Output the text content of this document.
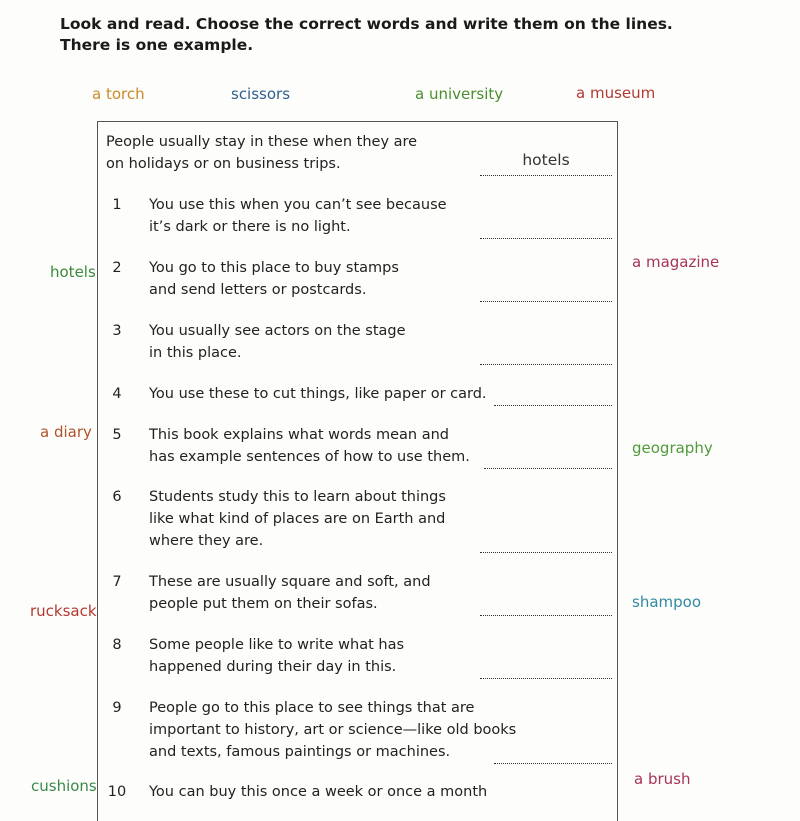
Look and read. Choose the correct words and write them on the lines. There is one example.
a torch	scissors	a university	a museum
hotels
a magazine
a diary
geography
rucksack	shampoo
cushions	a brush
People usually stay in these when they are
on holidays or on business trips.	hotels
1	You use this when you can’t see because
it’s dark or there is no light.
2	You go to this place to buy stamps
and send letters or postcards.
3	You usually see actors on the stage
in this place.
4	You use these to cut things, like paper or card.
5	This book explains what words mean and
has example sentences of how to use them.
6	Students study this to learn about things
like what kind of places are on Earth and
where they are.
7	These are usually square and soft, and
people put them on their sofas.
8	Some people like to write what has
happened during their day in this.
9	People go to this place to see things that are
important to history, art or science—like old books
and texts, famous paintings or machines.
10 You can buy this once a week or once a month
